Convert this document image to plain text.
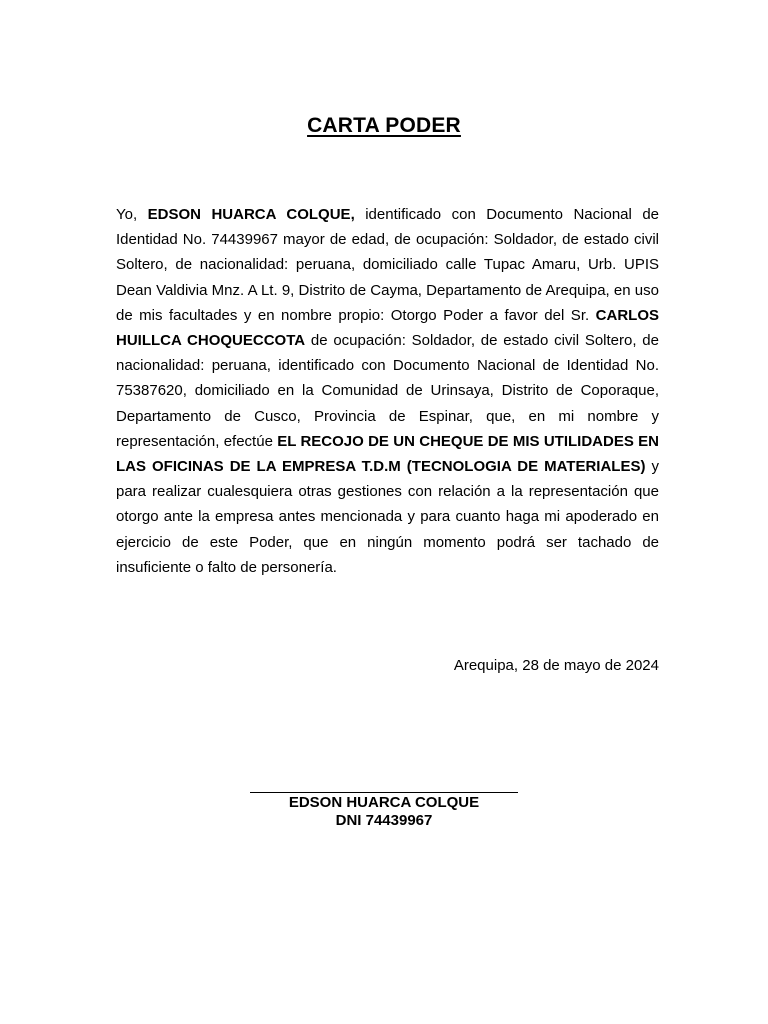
CARTA PODER
Yo, EDSON HUARCA COLQUE, identificado con Documento Nacional de Identidad No. 74439967 mayor de edad, de ocupación: Soldador, de estado civil Soltero, de nacionalidad: peruana, domiciliado calle Tupac Amaru, Urb. UPIS Dean Valdivia Mnz. A Lt. 9, Distrito de Cayma, Departamento de Arequipa, en uso de mis facultades y en nombre propio: Otorgo Poder a favor del Sr. CARLOS HUILLCA CHOQUECCOTA de ocupación: Soldador, de estado civil Soltero, de nacionalidad: peruana, identificado con Documento Nacional de Identidad No. 75387620, domiciliado en la Comunidad de Urinsaya, Distrito de Coporaque, Departamento de Cusco, Provincia de Espinar, que, en mi nombre y representación, efectúe EL RECOJO DE UN CHEQUE DE MIS UTILIDADES EN LAS OFICINAS DE LA EMPRESA T.D.M (TECNOLOGIA DE MATERIALES) y para realizar cualesquiera otras gestiones con relación a la representación que otorgo ante la empresa antes mencionada y para cuanto haga mi apoderado en ejercicio de este Poder, que en ningún momento podrá ser tachado de insuficiente o falto de personería.
Arequipa, 28 de mayo de 2024
EDSON HUARCA COLQUE
DNI 74439967
